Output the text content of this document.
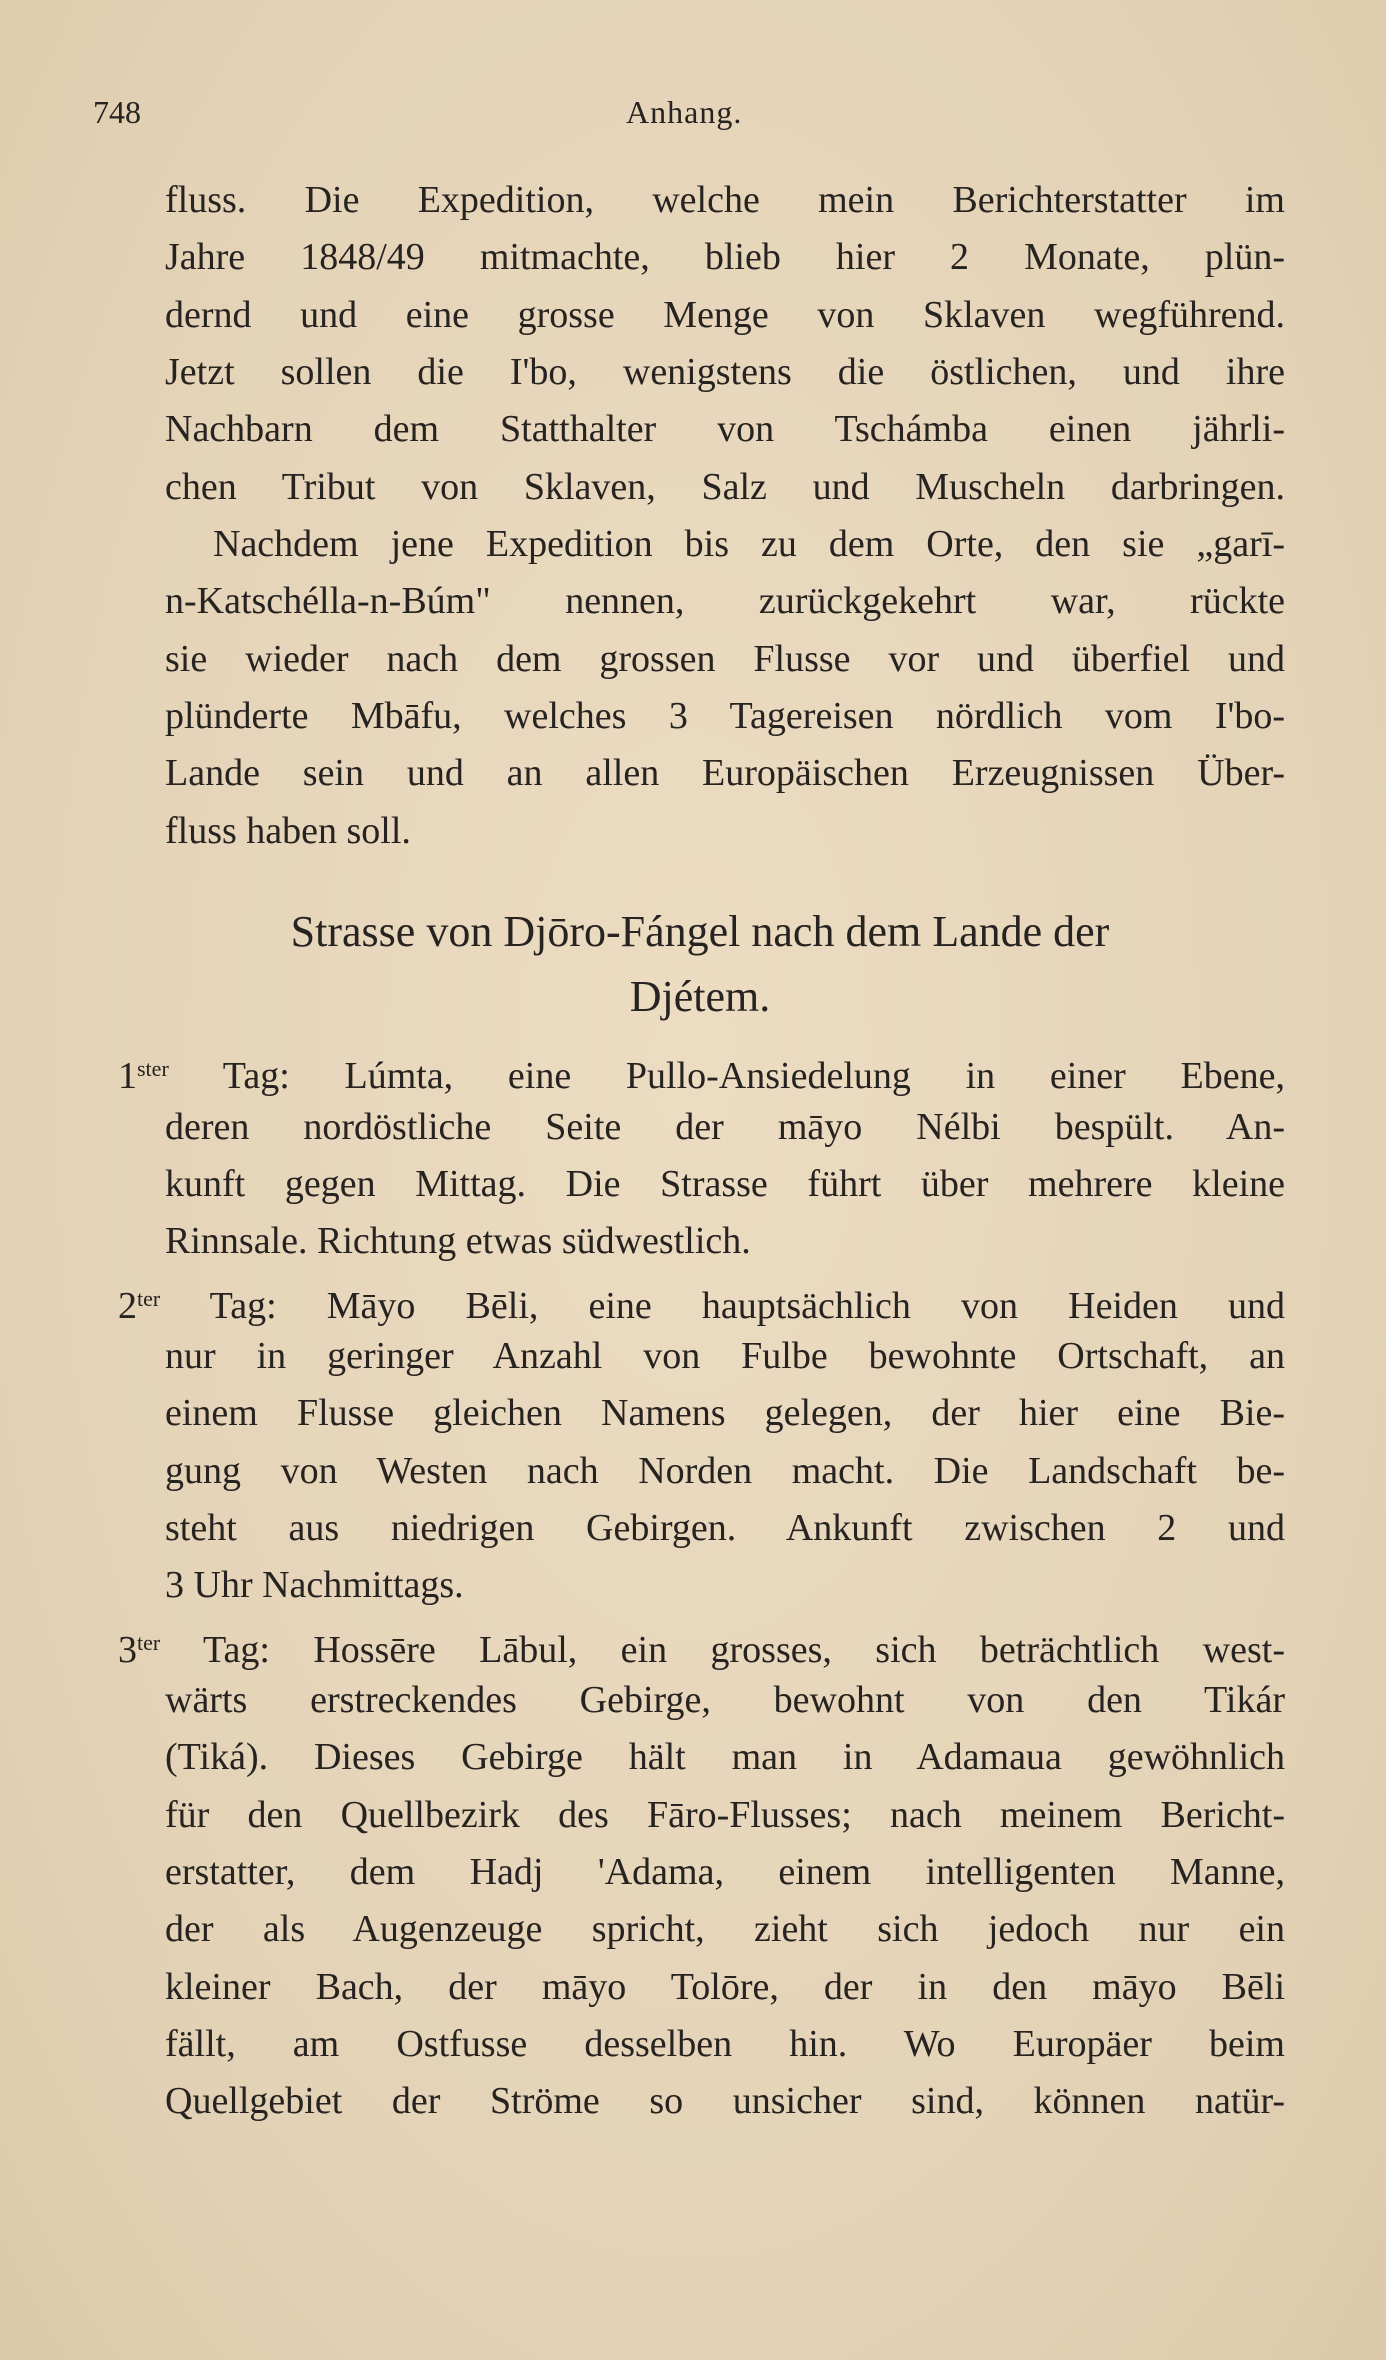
748	Anhang.
fluss. Die Expedition, welche mein Berichterstatter im
Jahre 1848/49 mitmachte, blieb hier 2 Monate, plün-
dernd und eine grosse Menge von Sklaven wegführend.
Jetzt sollen die I'bo, wenigstens die östlichen, und ihre
Nachbarn dem Statthalter von Tschámba einen jährli-
chen Tribut von Sklaven, Salz und Muscheln darbringen.
Nachdem jene Expedition bis zu dem Orte, den sie „garī-
n-Katschélla-n-Búm" nennen, zurückgekehrt war, rückte
sie wieder nach dem grossen Flusse vor und überfiel und
plünderte Mbāfu, welches 3 Tagereisen nördlich vom I'bo-
Lande sein und an allen Europäischen Erzeugnissen Über-
fluss haben soll.
Strasse von Djōro-Fángel nach dem Lande der
Djétem.
$1^{ster}$ Tag: Lúmta, eine Pullo-Ansiedelung in einer Ebene,
deren nordöstliche Seite der māyo Nélbi bespült. An-
kunft gegen Mittag. Die Strasse führt über mehrere kleine
Rinnsale. Richtung etwas südwestlich.
$2^{ter}$ Tag: Māyo Bēli, eine hauptsächlich von Heiden und
nur in geringer Anzahl von Fulbe bewohnte Ortschaft, an
einem Flusse gleichen Namens gelegen, der hier eine Bie-
gung von Westen nach Norden macht. Die Landschaft be-
steht aus niedrigen Gebirgen. Ankunft zwischen 2 und
3 Uhr Nachmittags.
$3^{ter}$ Tag: Hossēre Lābul, ein grosses, sich beträchtlich west-
wärts erstreckendes Gebirge, bewohnt von den Tikár
(Tiká). Dieses Gebirge hält man in Adamaua gewöhnlich
für den Quellbezirk des Fāro-Flusses; nach meinem Bericht-
erstatter, dem Hadj 'Adama, einem intelligenten Manne,
der als Augenzeuge spricht, zieht sich jedoch nur ein
kleiner Bach, der māyo Tolōre, der in den māyo Bēli
fällt, am Ostfusse desselben hin. Wo Europäer beim
Quellgebiet der Ströme so unsicher sind, können natür-
